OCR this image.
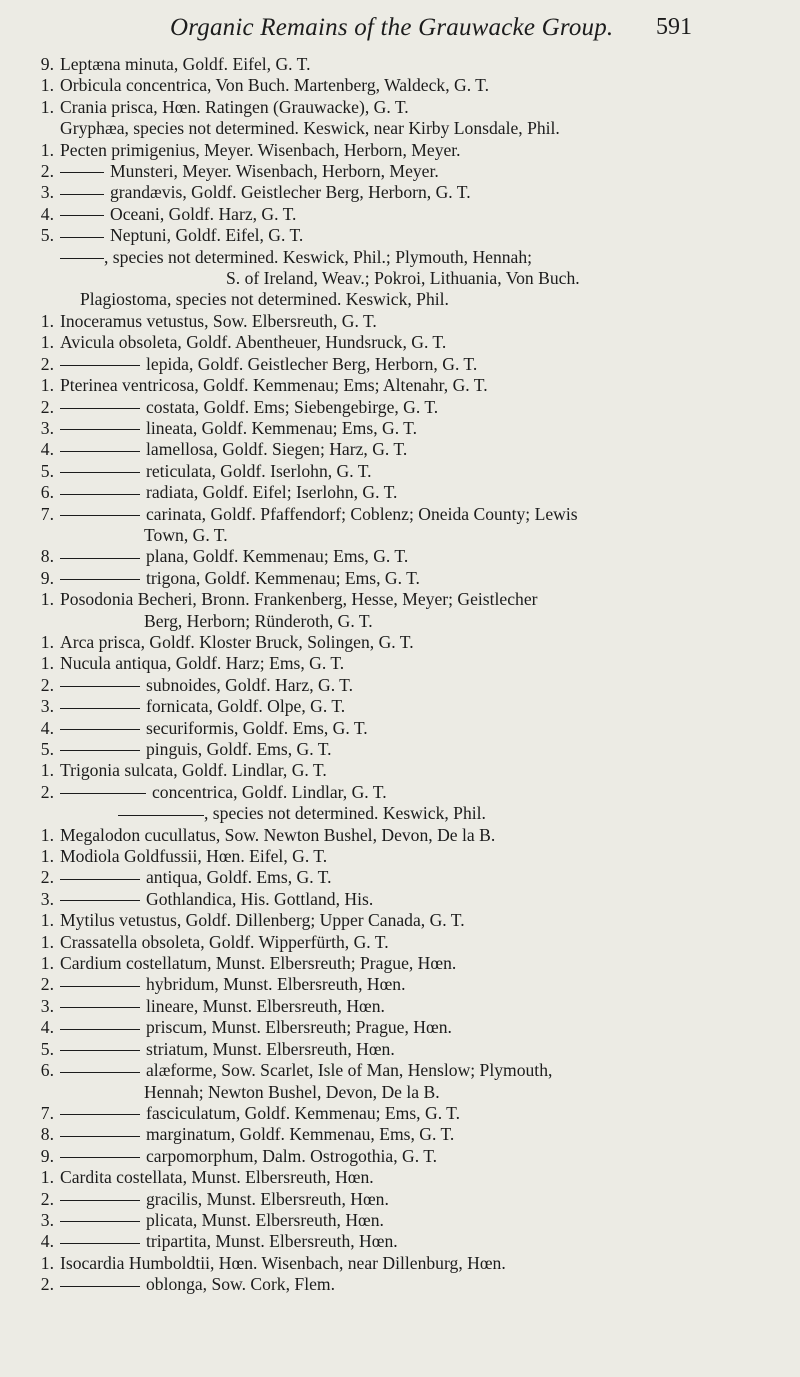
Organic Remains of the Grauwacke Group. 591
9. Leptæna minuta, Goldf. Eifel, G. T.
1. Orbicula concentrica, Von Buch. Martenberg, Waldeck, G. T.
1. Crania prisca, Hœn. Ratingen (Grauwacke), G. T.
Gryphæa, species not determined. Keswick, near Kirby Lonsdale, Phil.
1. Pecten primigenius, Meyer. Wisenbach, Herborn, Meyer.
2.	Munsteri, Meyer. Wisenbach, Herborn, Meyer.
3.	grandævis, Goldf. Geistlecher Berg, Herborn, G. T.
4.	Oceani, Goldf. Harz, G. T.
5.	Neptuni, Goldf. Eifel, G. T.
, species not determined. Keswick, Phil.; Plymouth, Hennah;
S. of Ireland, Weav.; Pokroi, Lithuania, Von Buch.
Plagiostoma, species not determined. Keswick, Phil.
1. Inoceramus vetustus, Sow. Elbersreuth, G. T.
1. Avicula obsoleta, Goldf. Abentheuer, Hundsruck, G. T.
2.	lepida, Goldf. Geistlecher Berg, Herborn, G. T.
1. Pterinea ventricosa, Goldf. Kemmenau; Ems; Altenahr, G. T.
2.	costata, Goldf. Ems; Siebengebirge, G. T.
3.	lineata, Goldf. Kemmenau; Ems, G. T.
4.	lamellosa, Goldf. Siegen; Harz, G. T.
5.	reticulata, Goldf. Iserlohn, G. T.
6.	radiata, Goldf. Eifel; Iserlohn, G. T.
7.	carinata, Goldf. Pfaffendorf; Coblenz; Oneida County; Lewis
Town, G. T.
8.	plana, Goldf. Kemmenau; Ems, G. T.
9.	trigona, Goldf. Kemmenau; Ems, G. T.
1. Posodonia Becheri, Bronn. Frankenberg, Hesse, Meyer; Geistlecher
Berg, Herborn; Ründeroth, G. T.
1. Arca prisca, Goldf. Kloster Bruck, Solingen, G. T.
1. Nucula antiqua, Goldf. Harz; Ems, G. T.
2.	subnoides, Goldf. Harz, G. T.
3.	fornicata, Goldf. Olpe, G. T.
4.	securiformis, Goldf. Ems, G. T.
5.	pinguis, Goldf. Ems, G. T.
1. Trigonia sulcata, Goldf. Lindlar, G. T.
2.	concentrica, Goldf. Lindlar, G. T.
, species not determined. Keswick, Phil.
1. Megalodon cucullatus, Sow. Newton Bushel, Devon, De la B.
1. Modiola Goldfussii, Hœn. Eifel, G. T.
2.	antiqua, Goldf. Ems, G. T.
3.	Gothlandica, His. Gottland, His.
1. Mytilus vetustus, Goldf. Dillenberg; Upper Canada, G. T.
1. Crassatella obsoleta, Goldf. Wipperfürth, G. T.
1. Cardium costellatum, Munst. Elbersreuth; Prague, Hœn.
2.	hybridum, Munst. Elbersreuth, Hœn.
3.	lineare, Munst. Elbersreuth, Hœn.
4.	priscum, Munst. Elbersreuth; Prague, Hœn.
5.	striatum, Munst. Elbersreuth, Hœn.
6.	alæforme, Sow. Scarlet, Isle of Man, Henslow; Plymouth,
Hennah; Newton Bushel, Devon, De la B.
7.	fasciculatum, Goldf. Kemmenau; Ems, G. T.
8.	marginatum, Goldf. Kemmenau, Ems, G. T.
9.	carpomorphum, Dalm. Ostrogothia, G. T.
1. Cardita costellata, Munst. Elbersreuth, Hœn.
2.	gracilis, Munst. Elbersreuth, Hœn.
3.	plicata, Munst. Elbersreuth, Hœn.
4.	tripartita, Munst. Elbersreuth, Hœn.
1. Isocardia Humboldtii, Hœn. Wisenbach, near Dillenburg, Hœn.
2.	oblonga, Sow. Cork, Flem.
